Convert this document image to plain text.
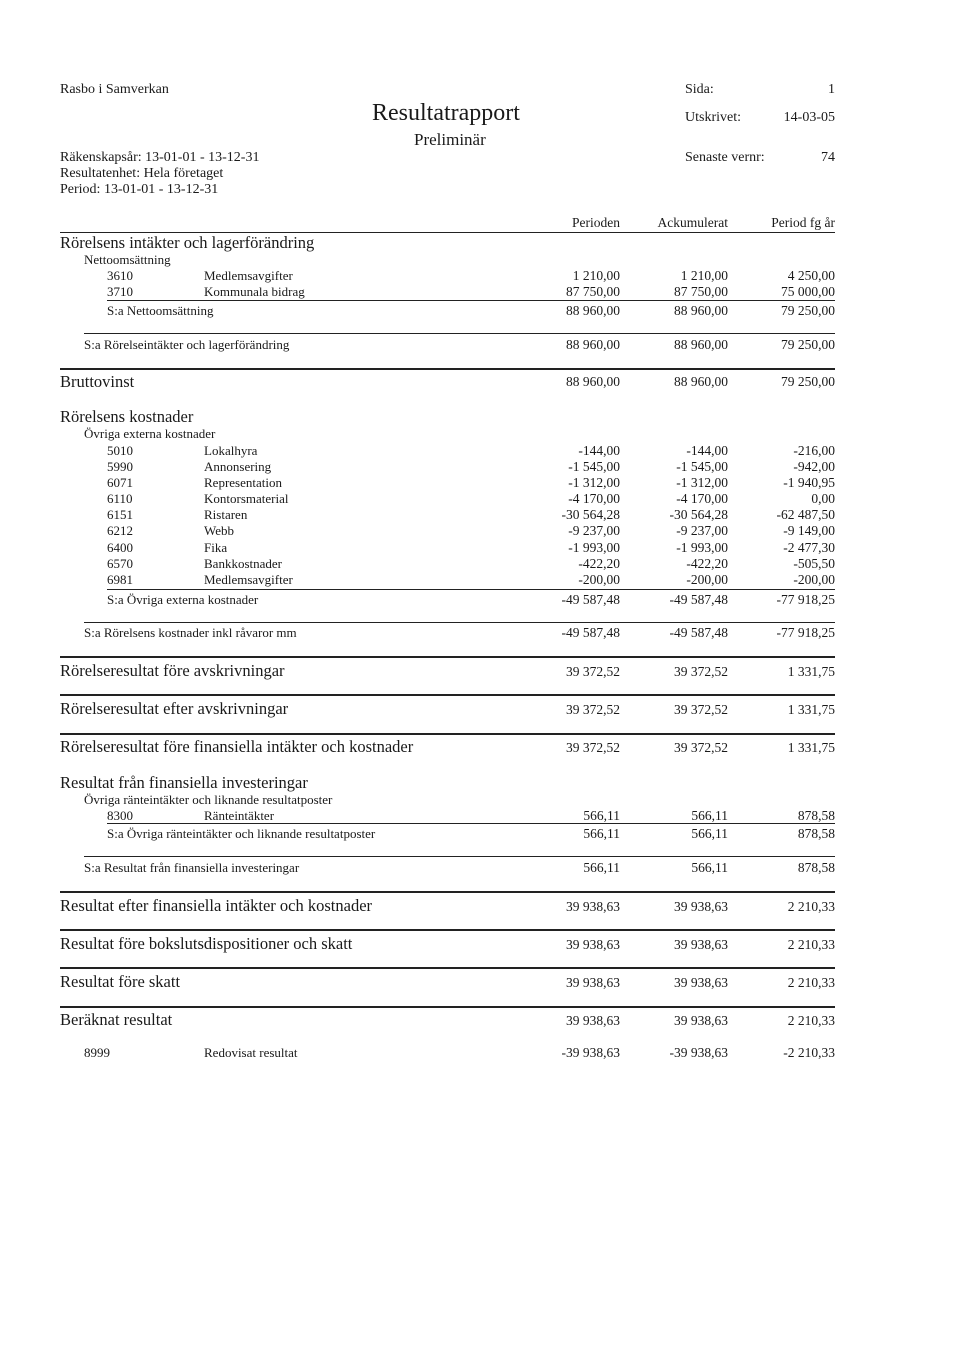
Rasbo i Samverkan
Resultatrapport
Preliminär
Räkenskapsår: 13-01-01 - 13-12-31
Resultatenhet: Hela företaget
Period: 13-01-01 - 13-12-31
Sida:	1
Utskrivet:	14-03-05
Senaste vernr:	74
Perioden	Ackumulerat	Period fg år
Rörelsens intäkter och lagerförändring
Nettoomsättning
3610	Medlemsavgifter	1 210,00	1 210,00	4 250,00
3710	Kommunala bidrag	87 750,00	87 750,00	75 000,00
S:a Nettoomsättning	88 960,00	88 960,00	79 250,00
S:a Rörelseintäkter och lagerförändring	88 960,00	88 960,00	79 250,00
Bruttovinst	88 960,00	88 960,00	79 250,00
Rörelsens kostnader
Övriga externa kostnader
5010	Lokalhyra	-144,00	-144,00	-216,00
5990	Annonsering	-1 545,00	-1 545,00	-942,00
6071	Representation	-1 312,00	-1 312,00	-1 940,95
6110	Kontorsmaterial	-4 170,00	-4 170,00	0,00
6151	Ristaren	-30 564,28	-30 564,28	-62 487,50
6212	Webb	-9 237,00	-9 237,00	-9 149,00
6400	Fika	-1 993,00	-1 993,00	-2 477,30
6570	Bankkostnader	-422,20	-422,20	-505,50
6981	Medlemsavgifter	-200,00	-200,00	-200,00
S:a Övriga externa kostnader	-49 587,48	-49 587,48	-77 918,25
S:a Rörelsens kostnader inkl råvaror mm	-49 587,48	-49 587,48	-77 918,25
Rörelseresultat före avskrivningar	39 372,52	39 372,52	1 331,75
Rörelseresultat efter avskrivningar	39 372,52	39 372,52	1 331,75
Rörelseresultat före finansiella intäkter och kostnader	39 372,52	39 372,52	1 331,75
Resultat från finansiella investeringar
Övriga ränteintäkter och liknande resultatposter
8300	Ränteintäkter	566,11	566,11	878,58
S:a Övriga ränteintäkter och liknande resultatposter	566,11	566,11	878,58
S:a Resultat från finansiella investeringar	566,11	566,11	878,58
Resultat efter finansiella intäkter och kostnader	39 938,63	39 938,63	2 210,33
Resultat före bokslutsdispositioner och skatt	39 938,63	39 938,63	2 210,33
Resultat före skatt	39 938,63	39 938,63	2 210,33
Beräknat resultat	39 938,63	39 938,63	2 210,33
8999	Redovisat resultat	-39 938,63	-39 938,63	-2 210,33
